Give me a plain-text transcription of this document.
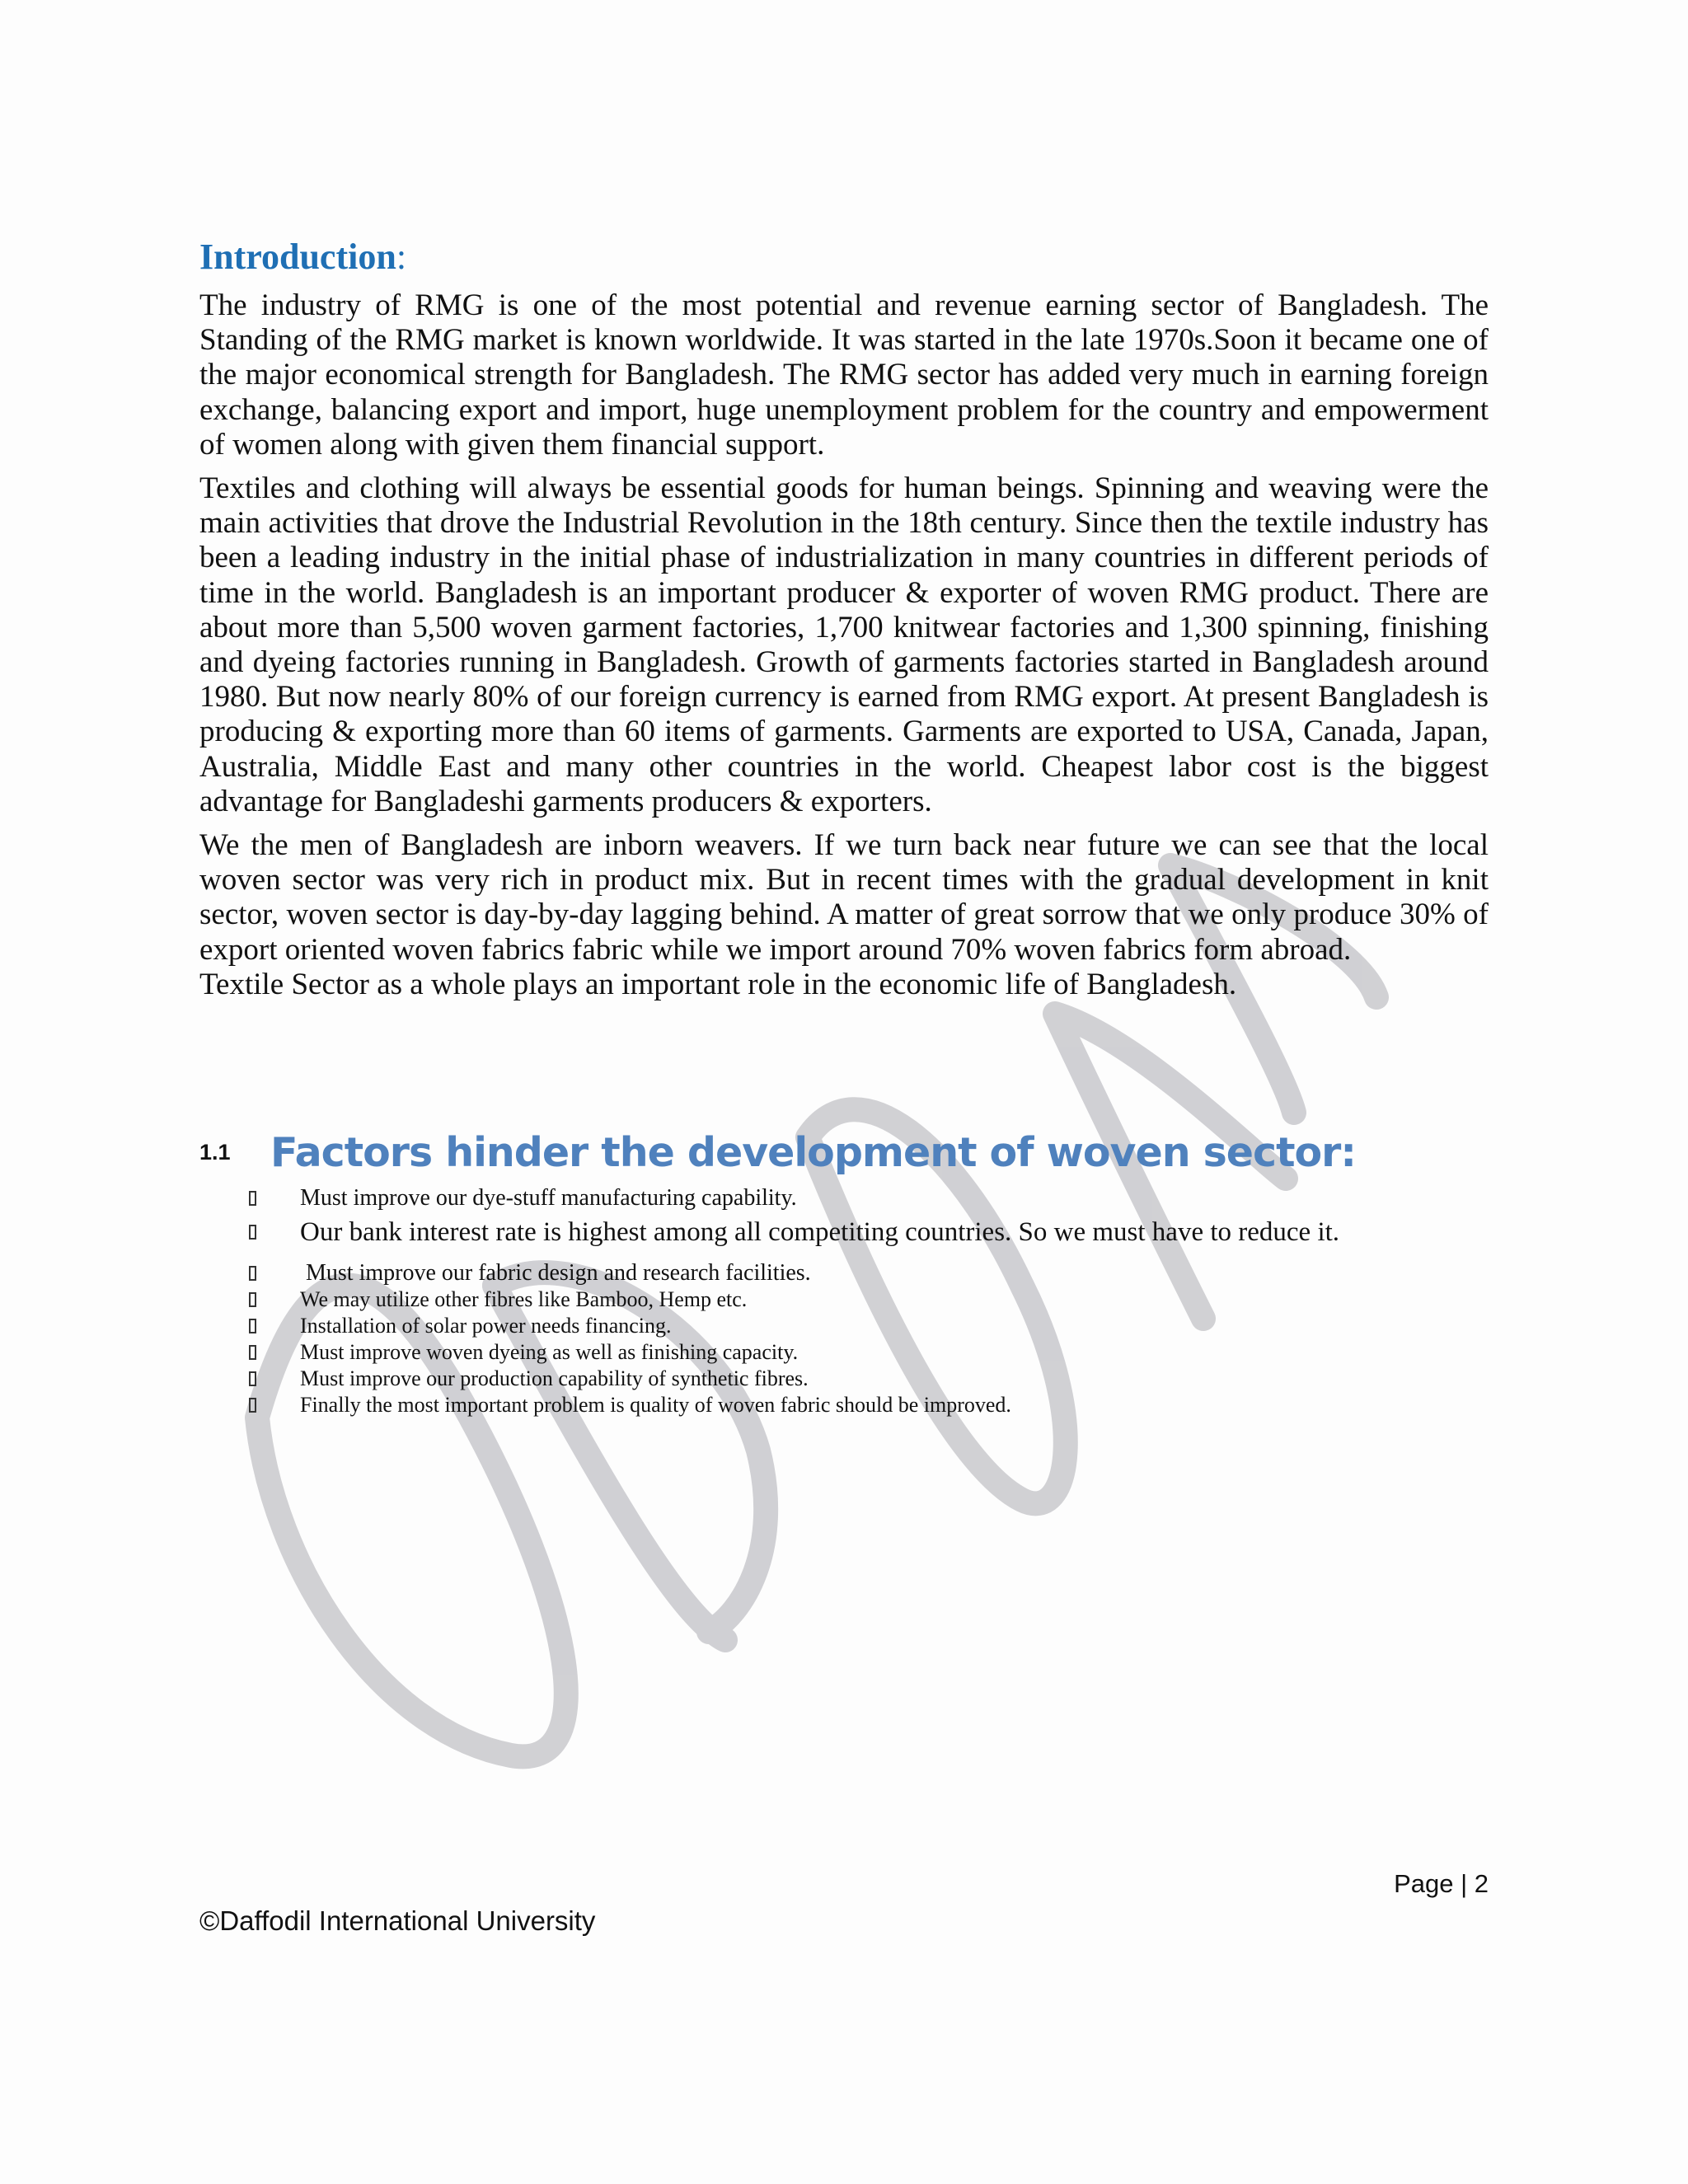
Introduction:

The industry of RMG is one of the most potential and revenue earning sector of Bangladesh. The Standing of the RMG market is known worldwide. It was started in the late 1970s.Soon it became one of the major economical strength for Bangladesh. The RMG sector has added very much in earning foreign exchange, balancing export and import, huge unemployment problem for the country and empowerment of women along with given them financial support.

Textiles and clothing will always be essential goods for human beings. Spinning and weaving were the main activities that drove the Industrial Revolution in the 18th century. Since then the textile industry has been a leading industry in the initial phase of industrialization in many countries in different periods of time in the world. Bangladesh is an important producer & exporter of woven RMG product. There are about more than 5,500 woven garment factories, 1,700 knitwear factories and 1,300 spinning, finishing and dyeing factories running in Bangladesh. Growth of garments factories started in Bangladesh around 1980. But now nearly 80% of our foreign currency is earned from RMG export. At present Bangladesh is producing & exporting more than 60 items of garments. Garments are exported to USA, Canada, Japan, Australia, Middle East and many other countries in the world. Cheapest labor cost is the biggest advantage for Bangladeshi garments producers & exporters.

We the men of Bangladesh are inborn weavers. If we turn back near future we can see that the local woven sector was very rich in product mix. But in recent times with the gradual development in knit sector, woven sector is day-by-day lagging behind. A matter of great sorrow that we only produce 30% of export oriented woven fabrics fabric while we import around 70% woven fabrics form abroad.

Textile Sector as a whole plays an important role in the economic life of Bangladesh.

1.1 Factors hinder the development of woven sector:
Must improve our dye-stuff manufacturing capability.
Our bank interest rate is highest among all competiting countries. So we must have to reduce it.
Must improve our fabric design and research facilities.
We may utilize other fibres like Bamboo, Hemp etc.
Installation of solar power needs financing.
Must improve woven dyeing as well as finishing capacity.
Must improve our production capability of synthetic fibres.
Finally the most important problem is quality of woven fabric should be improved.
Page | 2
©Daffodil International University
